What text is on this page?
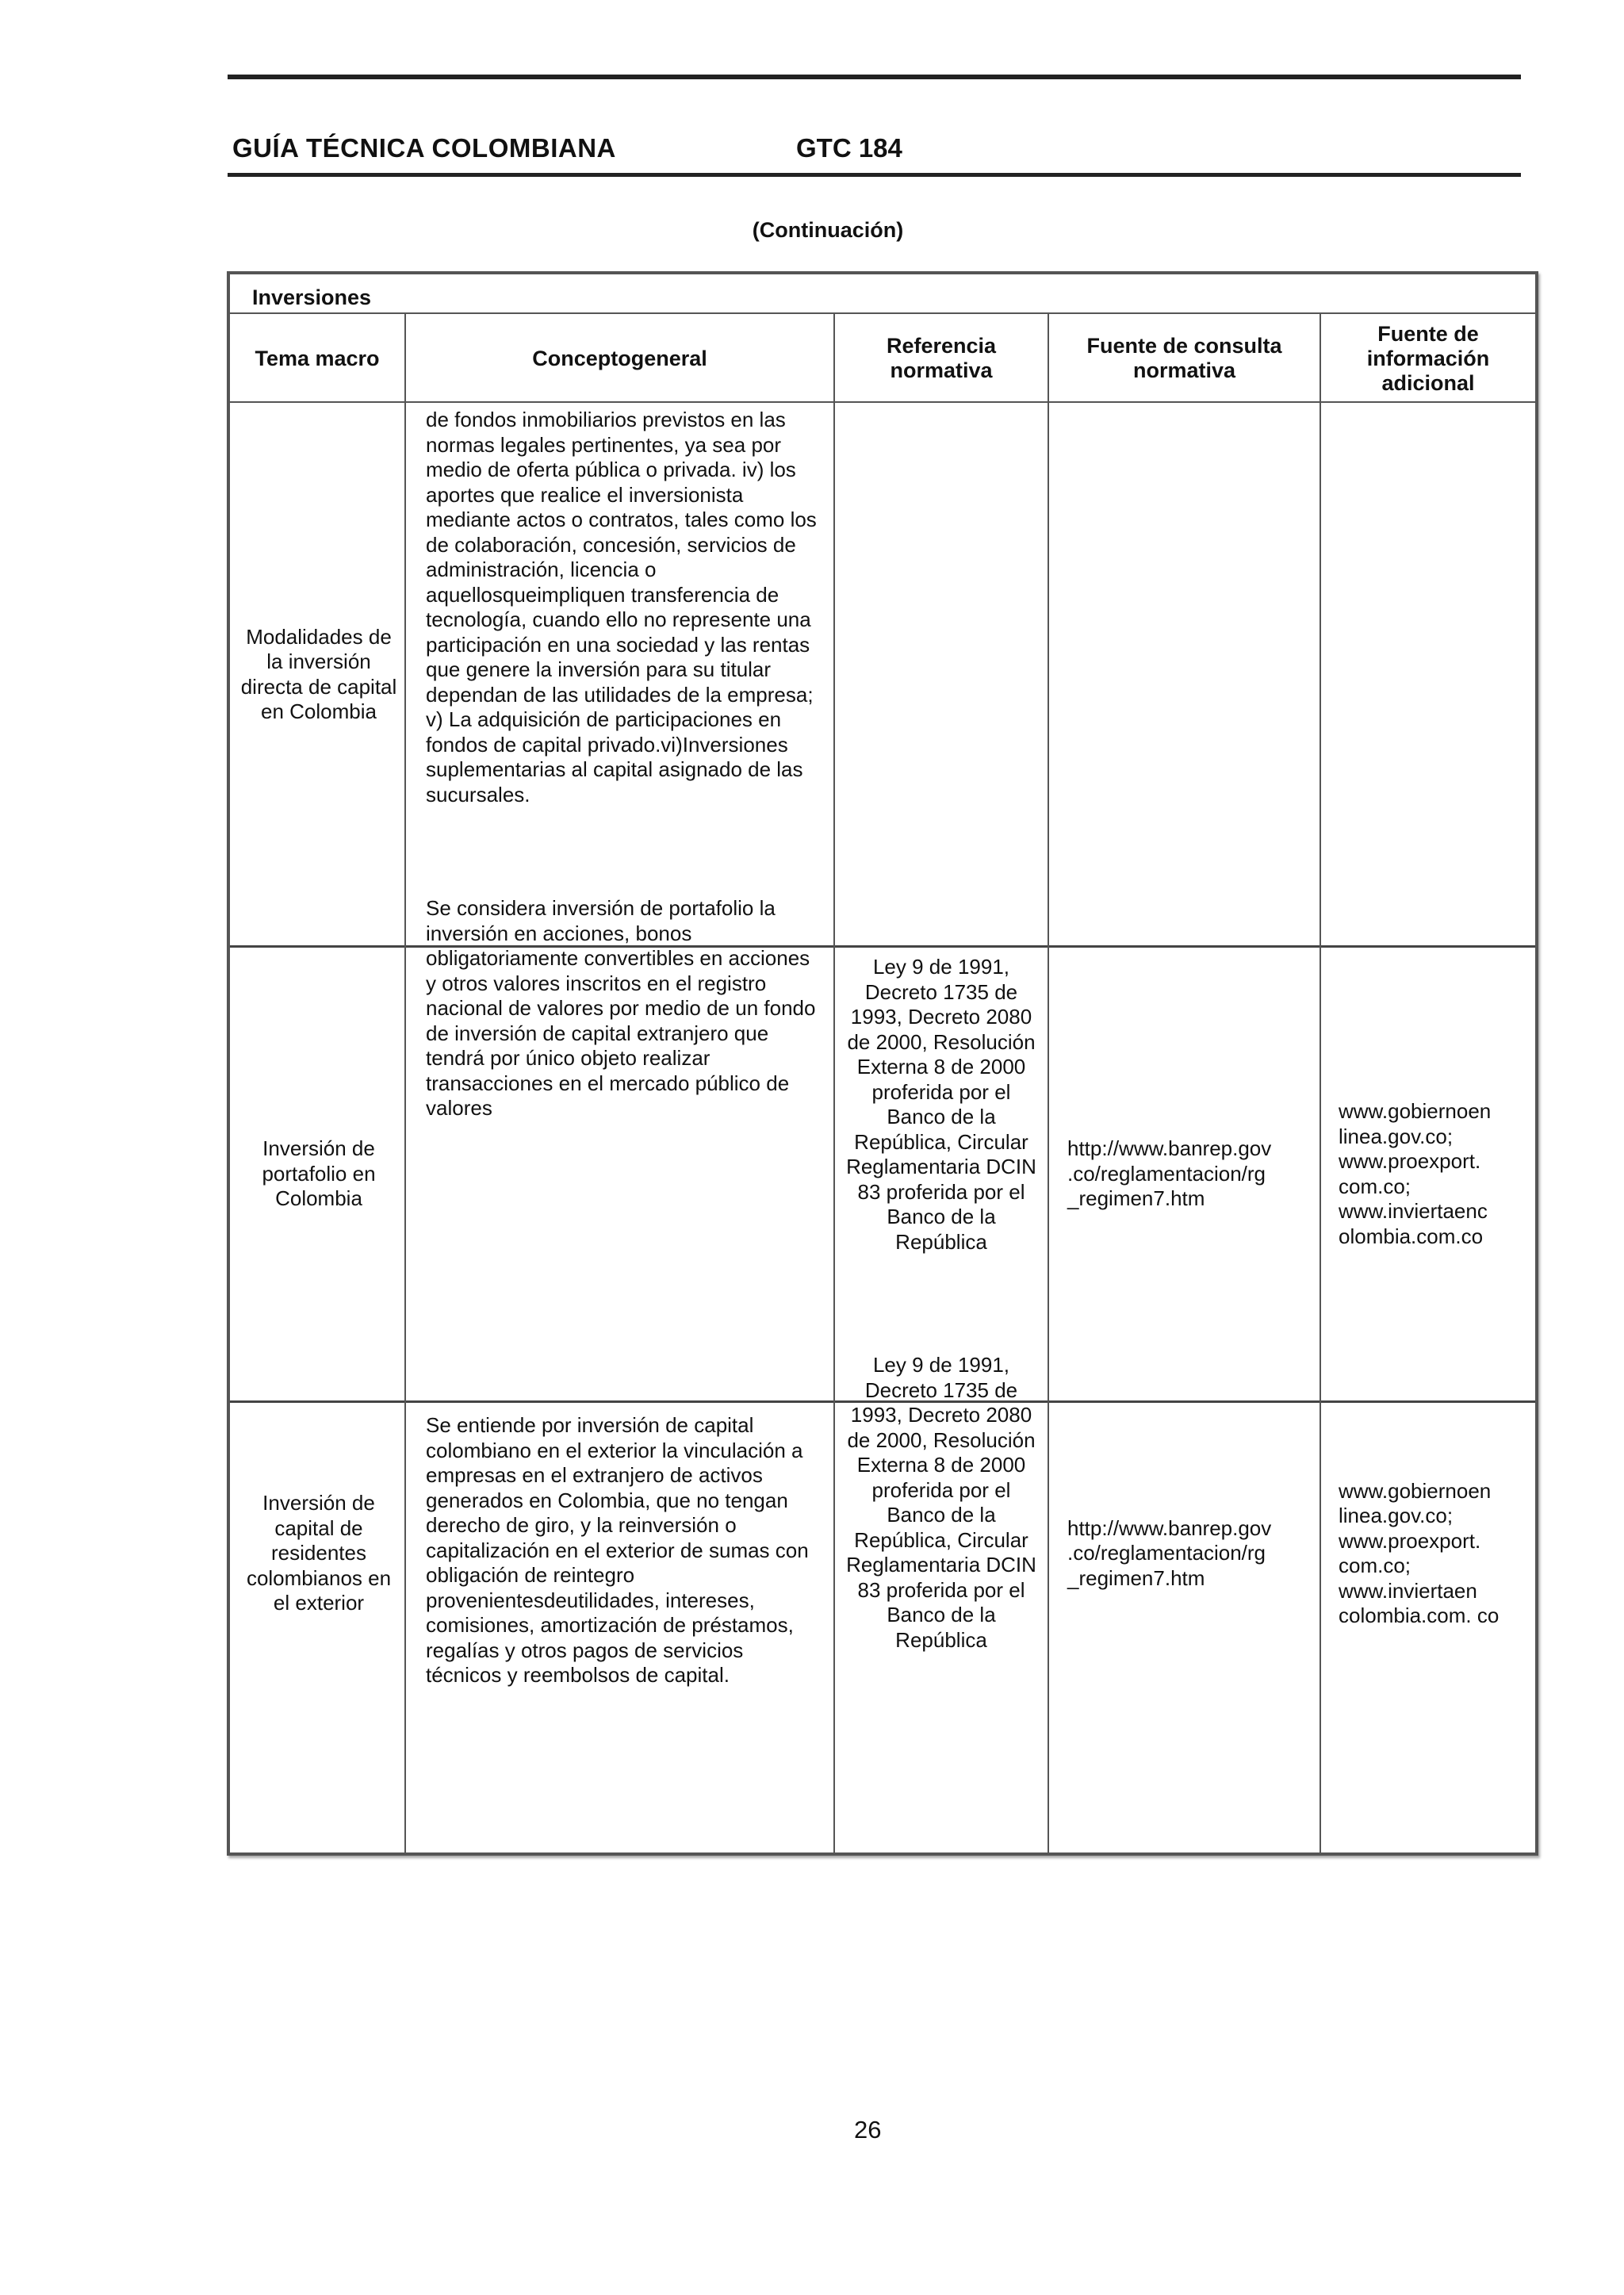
GUÍA TÉCNICA COLOMBIANA	GTC 184
(Continuación)
Inversiones
Tema macro	Conceptogeneral
Referencia normativa
Fuente de consulta normativa
Fuente de información adicional
Modalidades de la inversión directa de capital en Colombia
de fondos inmobiliarios previstos en las normas legales pertinentes, ya sea por medio de oferta pública o privada. iv) los aportes que realice el inversionista mediante actos o contratos, tales como los de colaboración, concesión, servicios de administración, licencia o aquellosqueimpliquen transferencia de tecnología, cuando ello no represente una participación en una sociedad y las rentas que genere la inversión para su titular dependan de las utilidades de la empresa; v) La adquisición de participaciones en fondos de capital privado.vi)Inversiones suplementarias al capital asignado de las sucursales.
Se considera inversión de portafolio la inversión en acciones, bonos obligatoriamente convertibles en acciones y otros valores inscritos en el registro nacional de valores por medio de un fondo de inversión de capital extranjero que tendrá por único objeto realizar transacciones en el mercado público de valores
Inversión de portafolio en Colombia
Ley 9 de 1991, Decreto 1735 de 1993, Decreto 2080 de 2000, Resolución Externa 8 de 2000 proferida por el Banco de la República, Circular Reglamentaria DCIN 83 proferida por el Banco de la República
http://www.banrep.gov .co/reglamentacion/rg _regimen7.htm
www.gobiernoen linea.gov.co; www.proexport. com.co; www.inviertaenc olombia.com.co
Inversión de capital de residentes colombianos en el exterior
Se entiende por inversión de capital colombiano en el exterior la vinculación a empresas en el extranjero de activos generados en Colombia, que no tengan derecho de giro, y la reinversión o capitalización en el exterior de sumas con obligación de reintegro provenientesdeutilidades, intereses, comisiones, amortización de préstamos, regalías y otros pagos de servicios técnicos y reembolsos de capital.
Ley 9 de 1991, Decreto 1735 de 1993, Decreto 2080 de 2000, Resolución Externa 8 de 2000 proferida por el Banco de la República, Circular Reglamentaria DCIN 83 proferida por el Banco de la República
http://www.banrep.gov .co/reglamentacion/rg _regimen7.htm
www.gobiernoen linea.gov.co; www.proexport. com.co; www.inviertaen colombia.com. co
26
